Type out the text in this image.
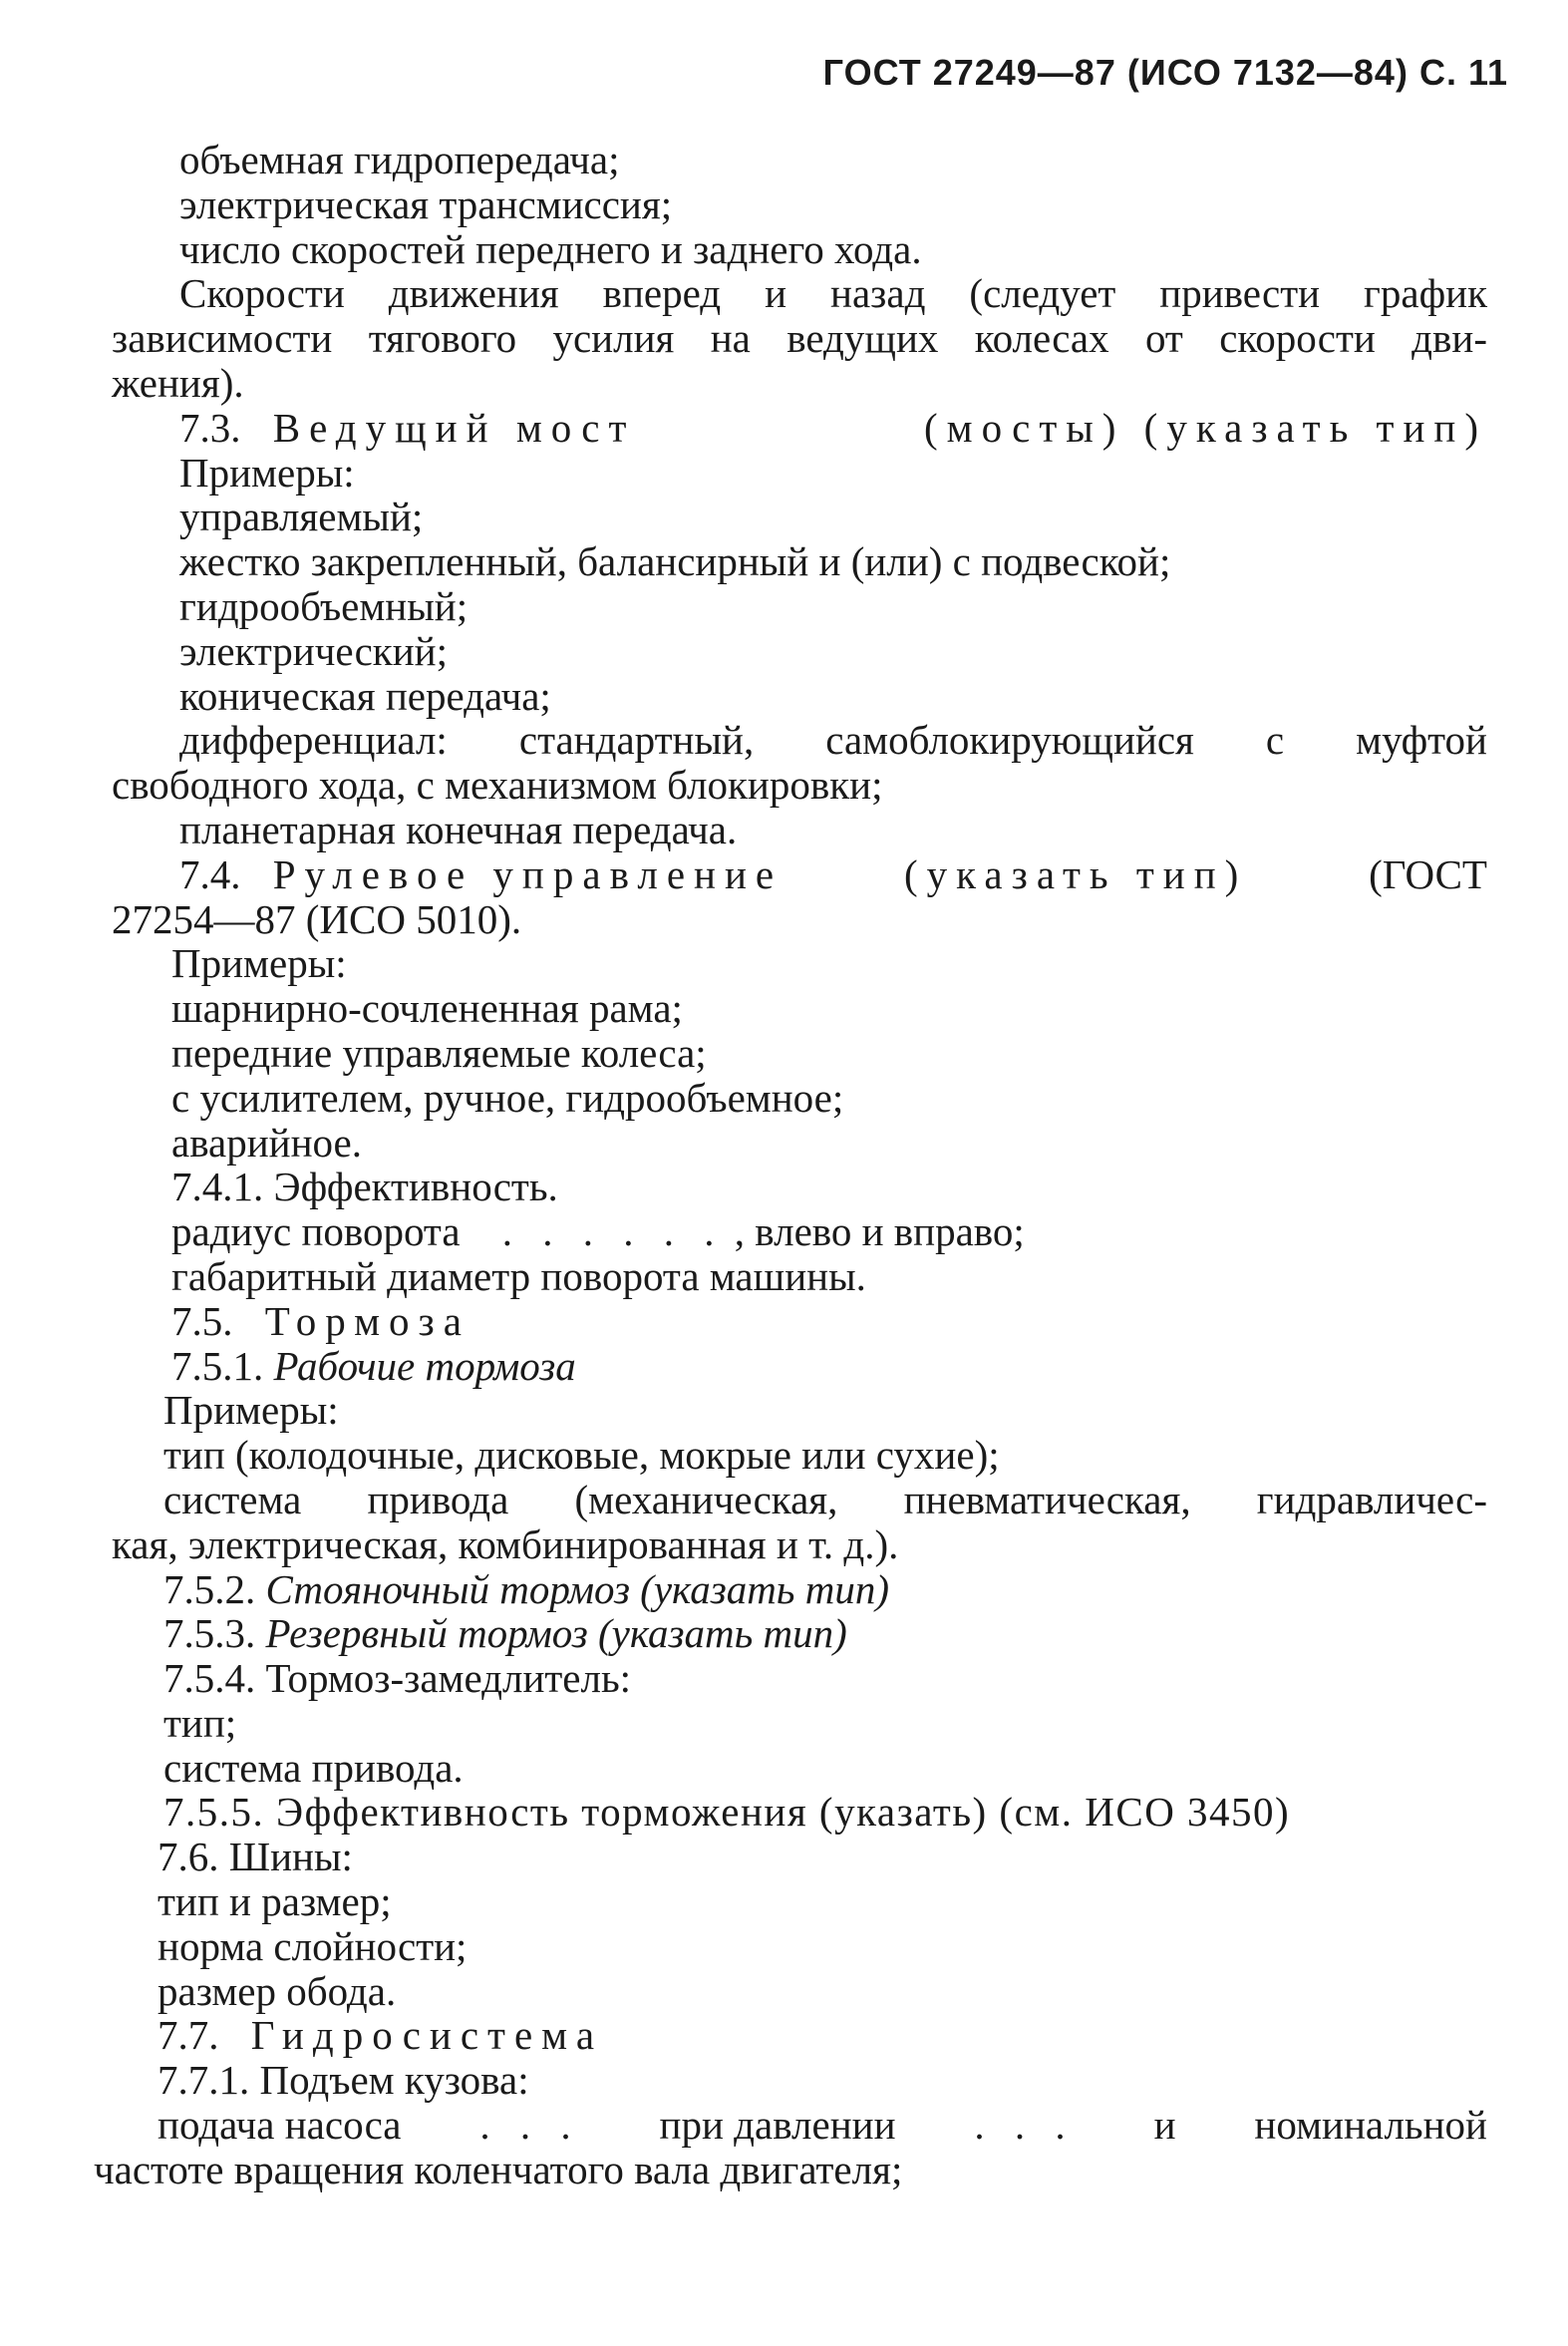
ГОСТ 27249—87 (ИСО 7132—84) С. 11
объемная гидропередача;
электрическая трансмиссия;
число скоростей переднего и заднего хода.
Скорости движения вперед и назад (следует привести график
зависимости тягового усилия на ведущих колесах от скорости дви-
жения).
7.3. Ведущий мост	(мосты) (указать тип)
Примеры:
управляемый;
жестко закрепленный, балансирный и (или) с подвеской;
гидрообъемный;
электрический;
коническая передача;
дифференциал: стандартный, самоблокирующийся с муфтой
свободного хода, с механизмом блокировки;
планетарная конечная передача.
7.4. Рулевое управление	(указать тип)	(ГОСТ
27254—87 (ИСО 5010).
Примеры:
шарнирно-сочлененная рама;
передние управляемые колеса;
с усилителем, ручное, гидрообъемное;
аварийное.
7.4.1. Эффективность.
радиус поворота . . . . . . , влево и вправо;
габаритный диаметр поворота машины.
7.5. Тормоза
7.5.1. Рабочие тормоза
Примеры:
тип (колодочные, дисковые, мокрые или сухие);
система привода (механическая, пневматическая, гидравличес-
кая, электрическая, комбинированная и т. д.).
7.5.2. Стояночный тормоз (указать тип)
7.5.3. Резервный тормоз (указать тип)
7.5.4. Тормоз-замедлитель:
тип;
система привода.
7.5.5. Эффективность торможения (указать) (см. ИСО 3450)
7.6. Шины:
тип и размер;
норма слойности;
размер обода.
7.7. Гидросистема
7.7.1. Подъем кузова:
подача насоса . . . при давлении . . . и номинальной
частоте вращения коленчатого вала двигателя;
